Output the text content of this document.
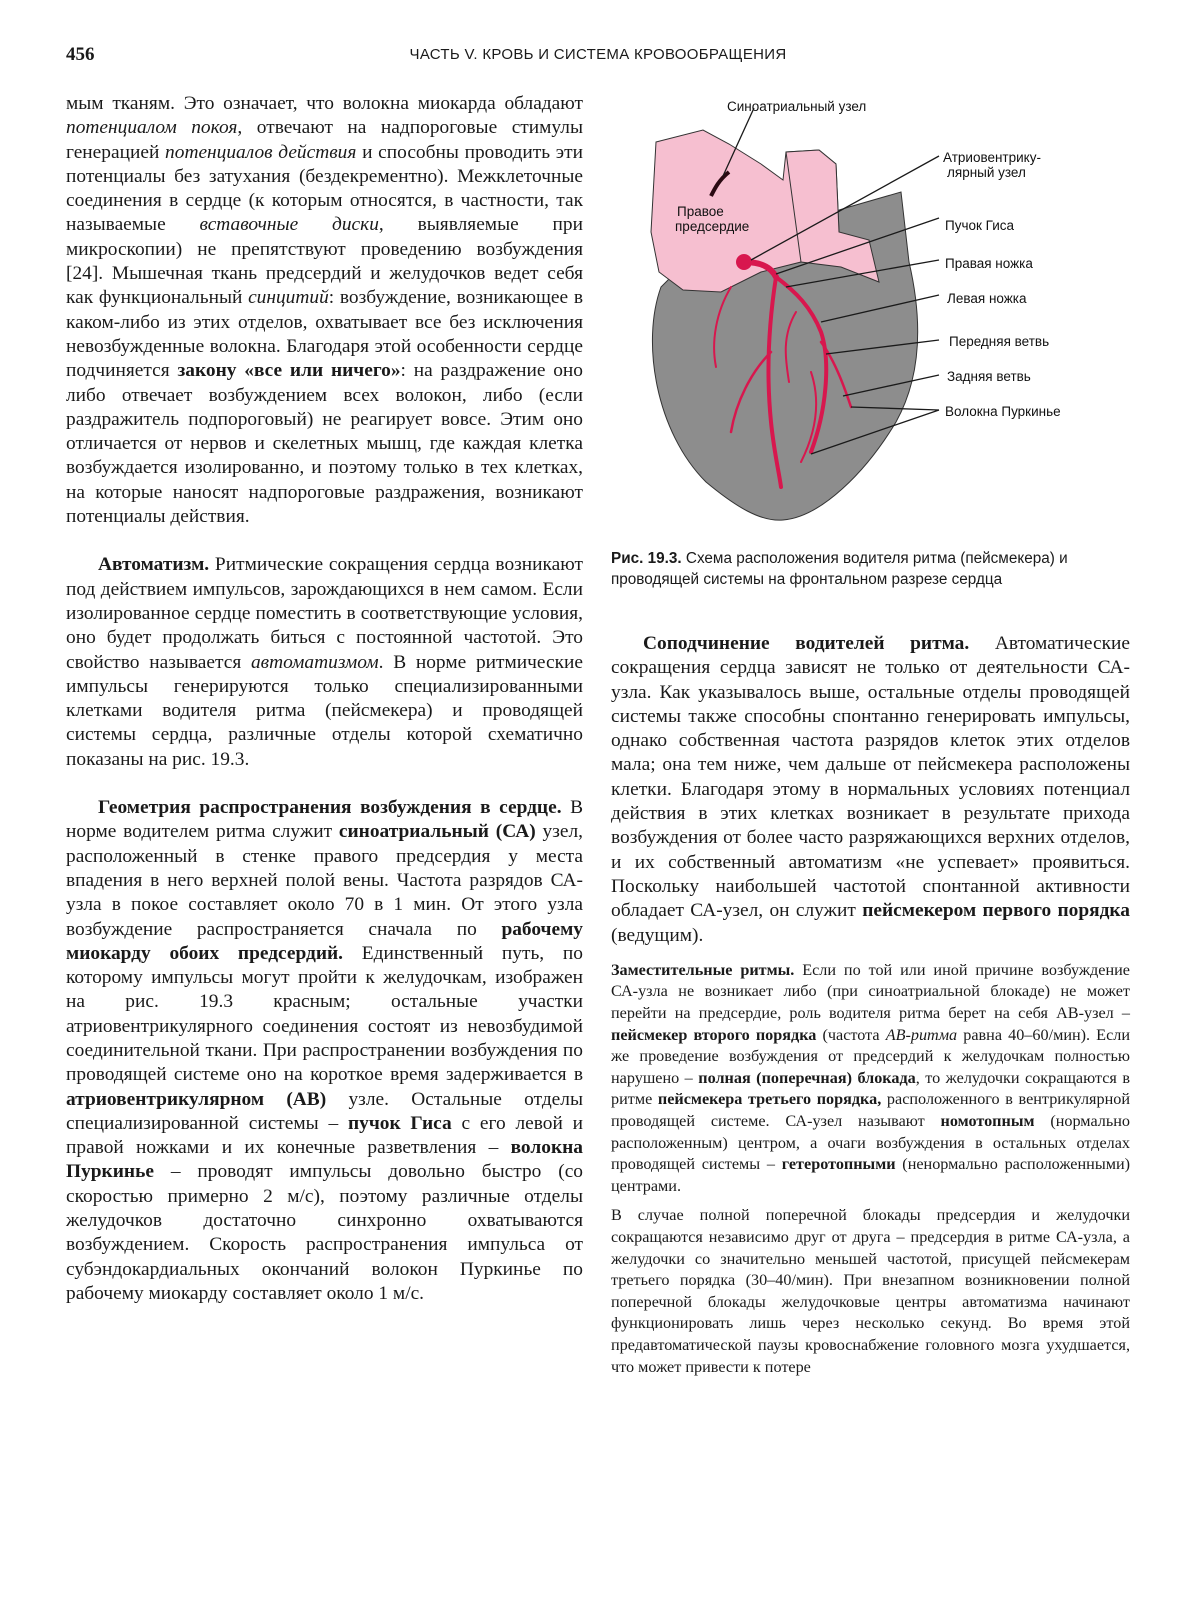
456	ЧАСТЬ V. КРОВЬ И СИСТЕМА КРОВООБРАЩЕНИЯ

мым тканям. Это означает, что волокна миокарда обладают потенциалом покоя, отвечают на надпороговые стимулы генерацией потенциалов действия и способны проводить эти потенциалы без затухания (бездекрементно). Межклеточные соединения в сердце (к которым относятся, в частности, так называемые вставочные диски, выявляемые при микроскопии) не препятствуют проведению возбуждения [24]. Мышечная ткань предсердий и желудочков ведет себя как функциональный синцитий: возбуждение, возникающее в каком-либо из этих отделов, охватывает все без исключения невозбужденные волокна. Благодаря этой особенности сердце подчиняется закону «все или ничего»: на раздражение оно либо отвечает возбуждением всех волокон, либо (если раздражитель подпороговый) не реагирует вовсе. Этим оно отличается от нервов и скелетных мышц, где каждая клетка возбуждается изолированно, и поэтому только в тех клетках, на которые наносят надпороговые раздражения, возникают потенциалы действия.

Автоматизм. Ритмические сокращения сердца возникают под действием импульсов, зарождающихся в нем самом. Если изолированное сердце поместить в соответствующие условия, оно будет продолжать биться с постоянной частотой. Это свойство называется автоматизмом. В норме ритмические импульсы генерируются только специализированными клетками водителя ритма (пейсмекера) и проводящей системы сердца, различные отделы которой схематично показаны на рис. 19.3.

Геометрия распространения возбуждения в сердце. В норме водителем ритма служит синоатриальный (СА) узел, расположенный в стенке правого предсердия у места впадения в него верхней полой вены. Частота разрядов СА-узла в покое составляет около 70 в 1 мин. От этого узла возбуждение распространяется сначала по рабочему миокарду обоих предсердий. Единственный путь, по которому импульсы могут пройти к желудочкам, изображен на рис. 19.3 красным; остальные участки атриовентрикулярного соединения состоят из невозбудимой соединительной ткани. При распространении возбуждения по проводящей системе оно на короткое время задерживается в атриовентрикулярном (АВ) узле. Остальные отделы специализированной системы – пучок Гиса с его левой и правой ножками и их конечные разветвления – волокна Пуркинье – проводят импульсы довольно быстро (со скоростью примерно 2 м/с), поэтому различные отделы желудочков достаточно синхронно охватываются возбуждением. Скорость распространения импульса от субэндокардиальных окончаний волокон Пуркинье по рабочему миокарду составляет около 1 м/с.

Синоатриальный узел
Атриовентрику-
лярный узел
Правое
предсердие	Пучок Гиса
Правая ножка
Левая ножка
Передняя ветвь
Задняя ветвь
Волокна Пуркинье
Рис. 19.3. Схема расположения водителя ритма (пейсмекера) и проводящей системы на фронтальном разрезе сердца

Соподчинение водителей ритма. Автоматические сокращения сердца зависят не только от деятельности СА-узла. Как указывалось выше, остальные отделы проводящей системы также способны спонтанно генерировать импульсы, однако собственная частота разрядов клеток этих отделов мала; она тем ниже, чем дальше от пейсмекера расположены клетки. Благодаря этому в нормальных условиях потенциал действия в этих клетках возникает в результате прихода возбуждения от более часто разряжающихся верхних отделов, и их собственный автоматизм «не успевает» проявиться. Поскольку наибольшей частотой спонтанной активности обладает СА-узел, он служит пейсмекером первого порядка (ведущим).

Заместительные ритмы. Если по той или иной причине возбуждение СА-узла не возникает либо (при синоатриальной блокаде) не может перейти на предсердие, роль водителя ритма берет на себя АВ-узел – пейсмекер второго порядка (частота АВ-ритма равна 40–60/мин). Если же проведение возбуждения от предсердий к желудочкам полностью нарушено – полная (поперечная) блокада, то желудочки сокращаются в ритме пейсмекера третьего порядка, расположенного в вентрикулярной проводящей системе. СА-узел называют номотопным (нормально расположенным) центром, а очаги возбуждения в остальных отделах проводящей системы – гетеротопными (ненормально расположенными) центрами.

В случае полной поперечной блокады предсердия и желудочки сокращаются независимо друг от друга – предсердия в ритме СА-узла, а желудочки со значительно меньшей частотой, присущей пейсмекерам третьего порядка (30–40/мин). При внезапном возникновении полной поперечной блокады желудочковые центры автоматизма начинают функционировать лишь через несколько секунд. Во время этой предавтоматической паузы кровоснабжение головного мозга ухудшается, что может привести к потере
